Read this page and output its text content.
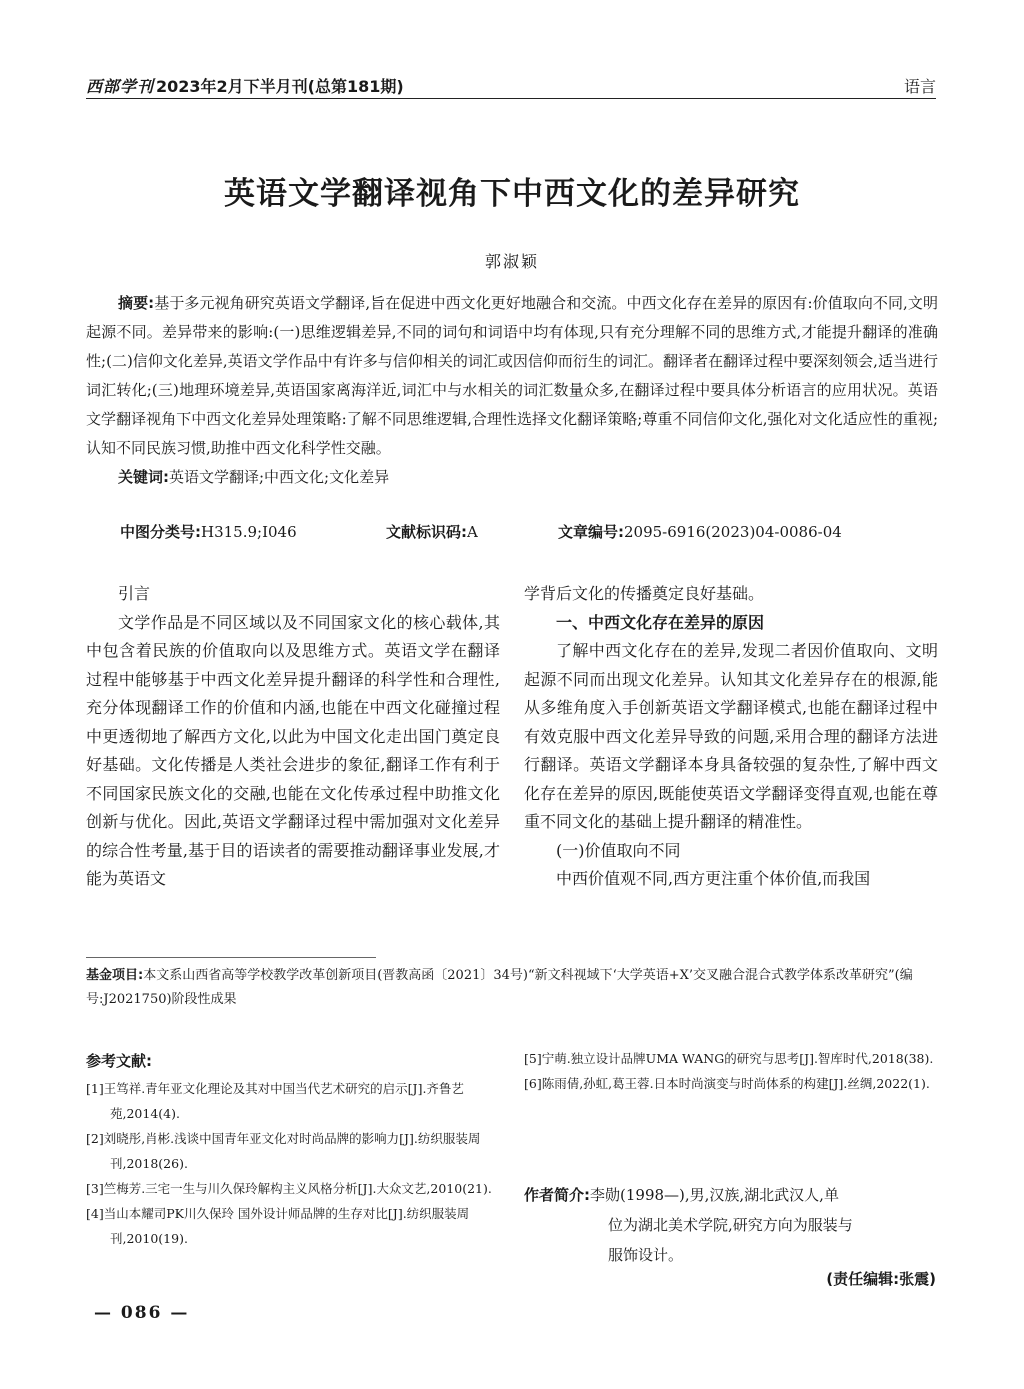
西部学刊 2023年2月下半月刊(总第181期)	语言
英语文学翻译视角下中西文化的差异研究
郭淑颖

摘要:基于多元视角研究英语文学翻译,旨在促进中西文化更好地融合和交流。中西文化存在差异的原因有:价值取向不同,文明起源不同。差异带来的影响:(一)思维逻辑差异,不同的词句和词语中均有体现,只有充分理解不同的思维方式,才能提升翻译的准确性;(二)信仰文化差异,英语文学作品中有许多与信仰相关的词汇或因信仰而衍生的词汇。翻译者在翻译过程中要深刻领会,适当进行词汇转化;(三)地理环境差异,英语国家离海洋近,词汇中与水相关的词汇数量众多,在翻译过程中要具体分析语言的应用状况。英语文学翻译视角下中西文化差异处理策略:了解不同思维逻辑,合理性选择文化翻译策略;尊重不同信仰文化,强化对文化适应性的重视;认知不同民族习惯,助推中西文化科学性交融。

关键词:英语文学翻译;中西文化;文化差异

中图分类号:H315.9;I046	文献标识码:A	文章编号:2095-6916(2023)04-0086-04

引言

文学作品是不同区域以及不同国家文化的核心载体,其中包含着民族的价值取向以及思维方式。英语文学在翻译过程中能够基于中西文化差异提升翻译的科学性和合理性,充分体现翻译工作的价值和内涵,也能在中西文化碰撞过程中更透彻地了解西方文化,以此为中国文化走出国门奠定良好基础。文化传播是人类社会进步的象征,翻译工作有利于不同国家民族文化的交融,也能在文化传承过程中助推文化创新与优化。因此,英语文学翻译过程中需加强对文化差异的综合性考量,基于目的语读者的需要推动翻译事业发展,才能为英语文

学背后文化的传播奠定良好基础。

一、中西文化存在差异的原因

了解中西文化存在的差异,发现二者因价值取向、文明起源不同而出现文化差异。认知其文化差异存在的根源,能从多维角度入手创新英语文学翻译模式,也能在翻译过程中有效克服中西文化差异导致的问题,采用合理的翻译方法进行翻译。英语文学翻译本身具备较强的复杂性,了解中西文化存在差异的原因,既能使英语文学翻译变得直观,也能在尊重不同文化的基础上提升翻译的精准性。

(一)价值取向不同

中西价值观不同,西方更注重个体价值,而我国

基金项目:本文系山西省高等学校教学改革创新项目(晋教高函〔2021〕34号)“新文科视域下‘大学英语+X’交叉融合混合式教学体系改革研究”(编号:J2021750)阶段性成果
参考文献:

[1]王笃祥.青年亚文化理论及其对中国当代艺术研究的启示[J].齐鲁艺苑,2014(4).

[2]刘晓彤,肖彬.浅谈中国青年亚文化对时尚品牌的影响力[J].纺织服装周刊,2018(26).

[3]竺梅芳.三宅一生与川久保玲解构主义风格分析[J].大众文艺,2010(21).

[4]当山本耀司PK川久保玲 国外设计师品牌的生存对比[J].纺织服装周刊,2010(19).

[5]宁萌.独立设计品牌UMA WANG的研究与思考[J].智库时代,2018(38).

[6]陈雨倩,孙虹,葛王蓉.日本时尚演变与时尚体系的构建[J].丝绸,2022(1).

作者简介:李勋(1998—),男,汉族,湖北武汉人,单
位为湖北美术学院,研究方向为服装与
服饰设计。
(责任编辑:张震)
— 086 —
